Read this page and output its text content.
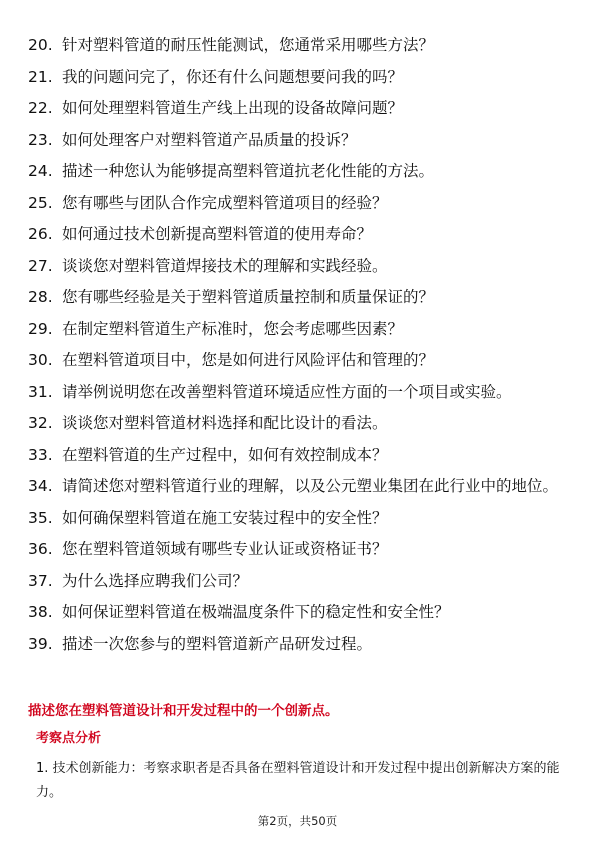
20. 针对塑料管道的耐压性能测试，您通常采用哪些方法？
21. 我的问题问完了，你还有什么问题想要问我的吗？
22. 如何处理塑料管道生产线上出现的设备故障问题？
23. 如何处理客户对塑料管道产品质量的投诉？
24. 描述一种您认为能够提高塑料管道抗老化性能的方法。
25. 您有哪些与团队合作完成塑料管道项目的经验？
26. 如何通过技术创新提高塑料管道的使用寿命？
27. 谈谈您对塑料管道焊接技术的理解和实践经验。
28. 您有哪些经验是关于塑料管道质量控制和质量保证的？
29. 在制定塑料管道生产标准时，您会考虑哪些因素？
30. 在塑料管道项目中，您是如何进行风险评估和管理的？
31. 请举例说明您在改善塑料管道环境适应性方面的一个项目或实验。
32. 谈谈您对塑料管道材料选择和配比设计的看法。
33. 在塑料管道的生产过程中，如何有效控制成本？
34. 请简述您对塑料管道行业的理解，以及公元塑业集团在此行业中的地位。
35. 如何确保塑料管道在施工安装过程中的安全性？
36. 您在塑料管道领域有哪些专业认证或资格证书？
37. 为什么选择应聘我们公司？
38. 如何保证塑料管道在极端温度条件下的稳定性和安全性？
39. 描述一次您参与的塑料管道新产品研发过程。
描述您在塑料管道设计和开发过程中的一个创新点。
考察点分析
1. 技术创新能力：考察求职者是否具备在塑料管道设计和开发过程中提出创新解决方案的能力。
第2页，共50页
